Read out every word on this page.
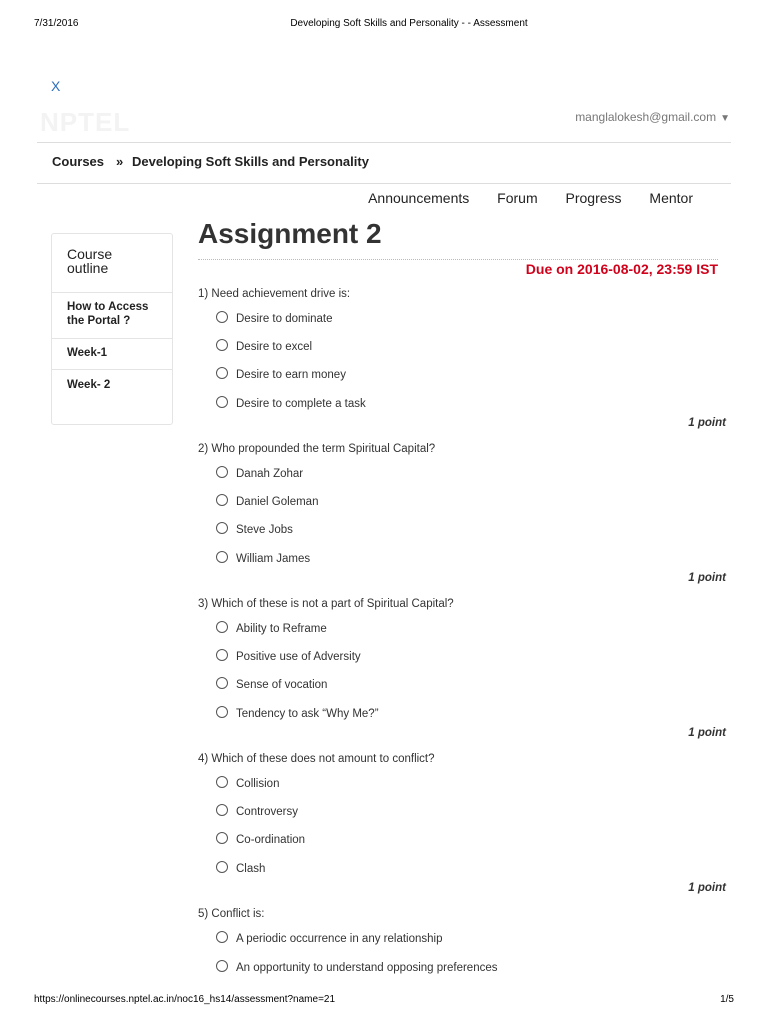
7/31/2016	Developing Soft Skills and Personality - - Assessment
https://onlinecourses.nptel.ac.in/noc16_hs14/assessment?name=21	1/5
X
NPTEL	manglalokesh@gmail.com ▼
Courses » Developing Soft Skills and Personality
Announcements Forum Progress Mentor
Course
outline
How to Access
the Portal ?
Week-1
Week- 2
Assignment 2
Due on 2016-08-02, 23:59 IST
1) Need achievement drive is:
Desire to dominate
Desire to excel
Desire to earn money
Desire to complete a task
1 point
2) Who propounded the term Spiritual Capital?
Danah Zohar
Daniel Goleman
Steve Jobs
William James
1 point
3) Which of these is not a part of Spiritual Capital?
Ability to Reframe
Positive use of Adversity
Sense of vocation
Tendency to ask “Why Me?”
1 point
4) Which of these does not amount to conflict?
Collision
Controversy
Co-ordination
Clash
1 point
5) Conflict is:
A periodic occurrence in any relationship
An opportunity to understand opposing preferences
